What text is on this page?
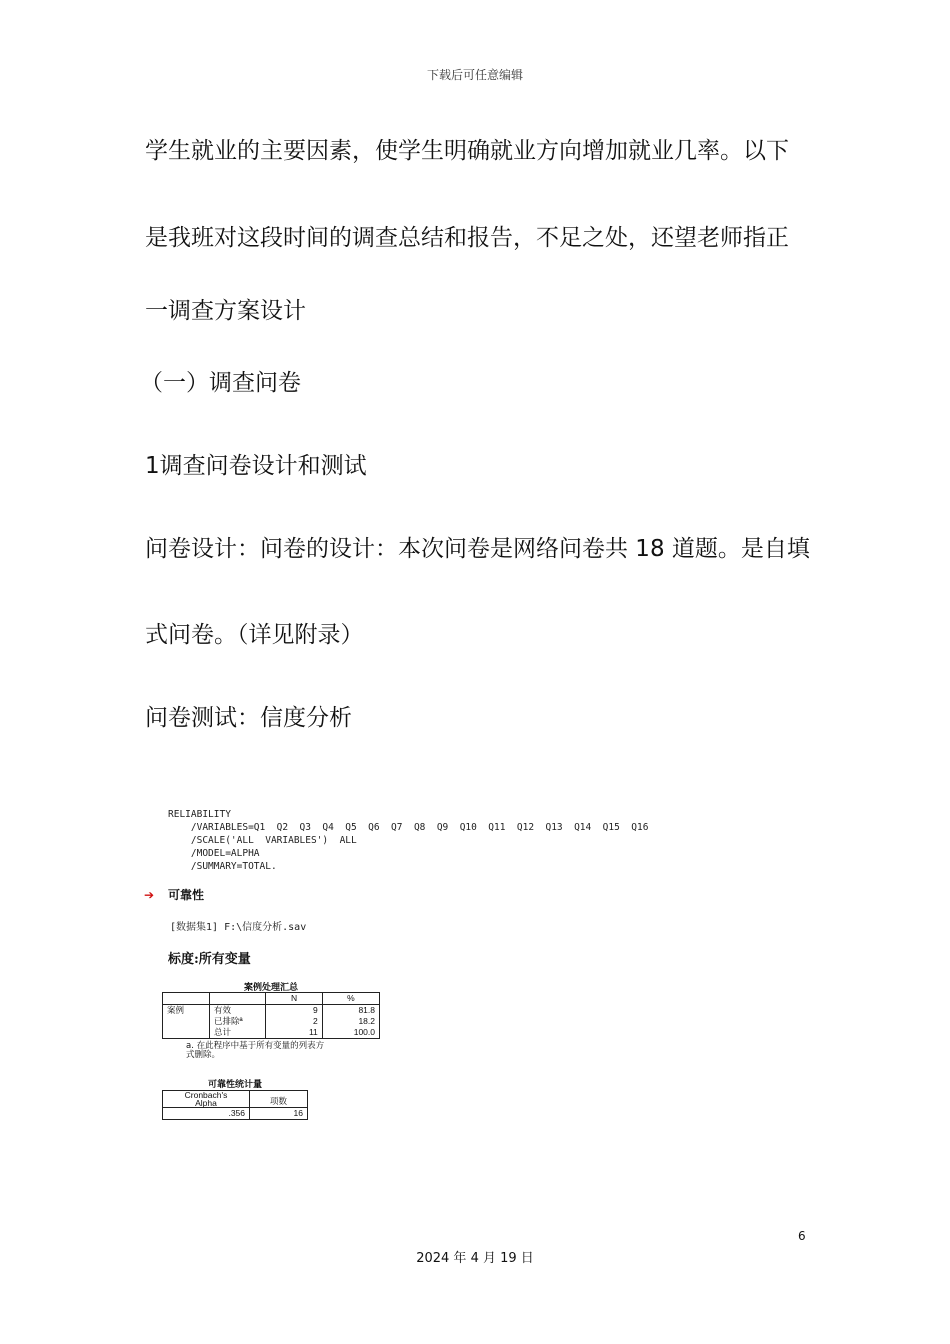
下载后可任意编辑
学生就业的主要因素，使学生明确就业方向增加就业几率。以下
是我班对这段时间的调查总结和报告，不足之处，还望老师指正
一调查方案设计
（一）调查问卷
1调查问卷设计和测试
问卷设计：问卷的设计：本次问卷是网络问卷共 18 道题。是自填
式问卷。（详见附录）
问卷测试：信度分析
RELIABILITY
/VARIABLES=Q1  Q2  Q3  Q4  Q5  Q6  Q7  Q8  Q9  Q10  Q11  Q12  Q13  Q14  Q15  Q16
/SCALE('ALL  VARIABLES')  ALL
/MODEL=ALPHA
/SUMMARY=TOTAL.
➔ 可靠性
[数据集1] F:\信度分析.sav
标度:所有变量
案例处理汇总
		N	%
案例	有效	9	81.8
	已排除ª	2	18.2
	总计	11	100.0
a. 在此程序中基于所有变量的列表方
式删除。
可靠性统计量
Cronbach's
Alpha	项数
.356	16
6
2024 年 4 月 19 日
